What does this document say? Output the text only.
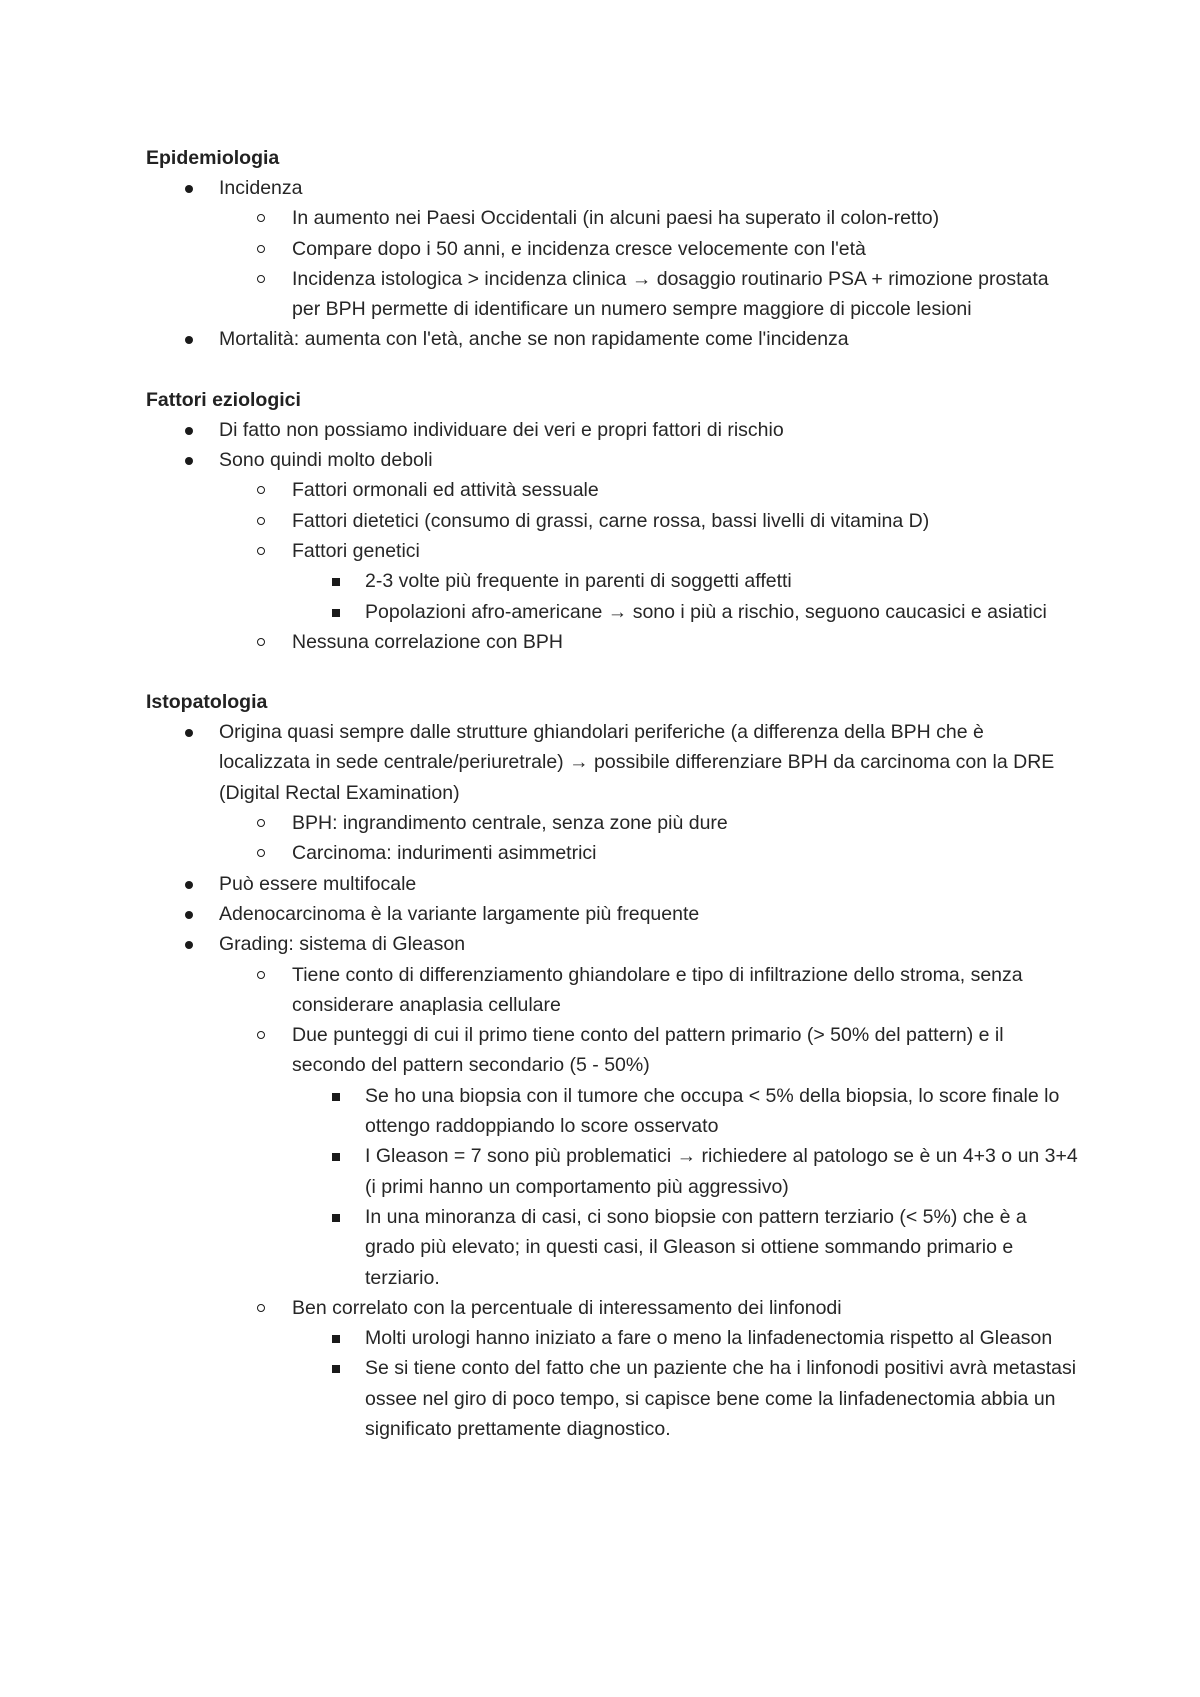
Epidemiologia
Incidenza
In aumento nei Paesi Occidentali (in alcuni paesi ha superato il colon-retto)
Compare dopo i 50 anni, e incidenza cresce velocemente con l'età
Incidenza istologica > incidenza clinica → dosaggio routinario PSA + rimozione prostata per BPH permette di identificare un numero sempre maggiore di piccole lesioni
Mortalità: aumenta con l'età, anche se non rapidamente come l'incidenza
Fattori eziologici
Di fatto non possiamo individuare dei veri e propri fattori di rischio
Sono quindi molto deboli
Fattori ormonali ed attività sessuale
Fattori dietetici (consumo di grassi, carne rossa, bassi livelli di vitamina D)
Fattori genetici
2-3 volte più frequente in parenti di soggetti affetti
Popolazioni afro-americane → sono i più a rischio, seguono caucasici e asiatici
Nessuna correlazione con BPH
Istopatologia
Origina quasi sempre dalle strutture ghiandolari periferiche (a differenza della BPH che è localizzata in sede centrale/periuretrale) → possibile differenziare BPH da carcinoma con la DRE (Digital Rectal Examination)
BPH: ingrandimento centrale, senza zone più dure
Carcinoma: indurimenti asimmetrici
Può essere multifocale
Adenocarcinoma è la variante largamente più frequente
Grading: sistema di Gleason
Tiene conto di differenziamento ghiandolare e tipo di infiltrazione dello stroma, senza considerare anaplasia cellulare
Due punteggi di cui il primo tiene conto del pattern primario (> 50% del pattern) e il secondo del pattern secondario (5 - 50%)
Se ho una biopsia con il tumore che occupa < 5% della biopsia, lo score finale lo ottengo raddoppiando lo score osservato
I Gleason = 7 sono più problematici → richiedere al patologo se è un 4+3 o un 3+4 (i primi hanno un comportamento più aggressivo)
In una minoranza di casi, ci sono biopsie con pattern terziario (< 5%) che è a grado più elevato; in questi casi, il Gleason si ottiene sommando primario e terziario.
Ben correlato con la percentuale di interessamento dei linfonodi
Molti urologi hanno iniziato a fare o meno la linfadenectomia rispetto al Gleason
Se si tiene conto del fatto che un paziente che ha i linfonodi positivi avrà metastasi ossee nel giro di poco tempo, si capisce bene come la linfadenectomia abbia un significato prettamente diagnostico.
